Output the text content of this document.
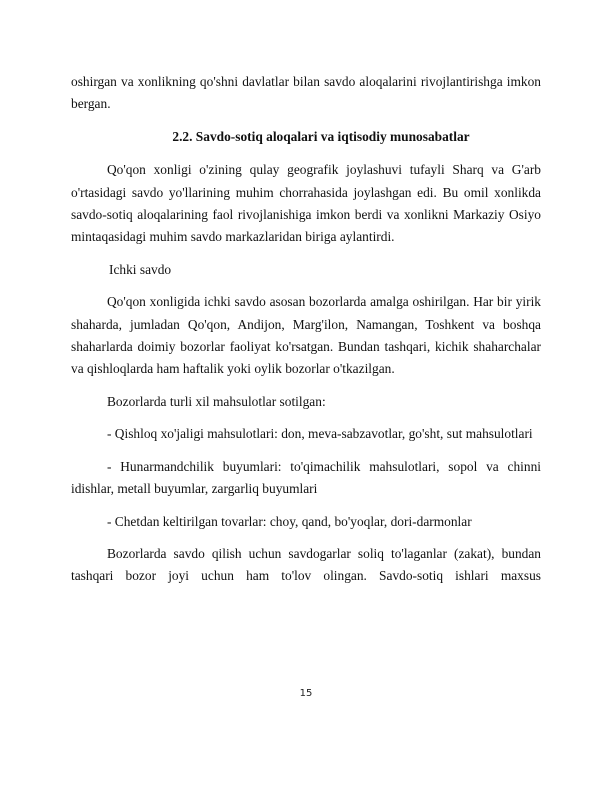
oshirgan va xonlikning qo'shni davlatlar bilan savdo aloqalarini rivojlantirishga imkon bergan.

2.2. Savdo-sotiq aloqalari va iqtisodiy munosabatlar

Qo'qon xonligi o'zining qulay geografik joylashuvi tufayli Sharq va G'arb o'rtasidagi savdo yo'llarining muhim chorrahasida joylashgan edi. Bu omil xonlikda savdo-sotiq aloqalarining faol rivojlanishiga imkon berdi va xonlikni Markaziy Osiyo mintaqasidagi muhim savdo markazlaridan biriga aylantirdi.

Ichki savdo

Qo'qon xonligida ichki savdo asosan bozorlarda amalga oshirilgan. Har bir yirik shaharda, jumladan Qo'qon, Andijon, Marg'ilon, Namangan, Toshkent va boshqa shaharlarda doimiy bozorlar faoliyat ko'rsatgan. Bundan tashqari, kichik shaharchalar va qishloqlarda ham haftalik yoki oylik bozorlar o'tkazilgan.

Bozorlarda turli xil mahsulotlar sotilgan:

- Qishloq xo'jaligi mahsulotlari: don, meva-sabzavotlar, go'sht, sut mahsulotlari

- Hunarmandchilik buyumlari: to'qimachilik mahsulotlari, sopol va chinni idishlar, metall buyumlar, zargarliq buyumlari

- Chetdan keltirilgan tovarlar: choy, qand, bo'yoqlar, dori-darmonlar

Bozorlarda savdo qilish uchun savdogarlar soliq to'laganlar (zakat), bundan tashqari bozor joyi uchun ham to'lov olingan. Savdo-sotiq ishlari maxsus

15
